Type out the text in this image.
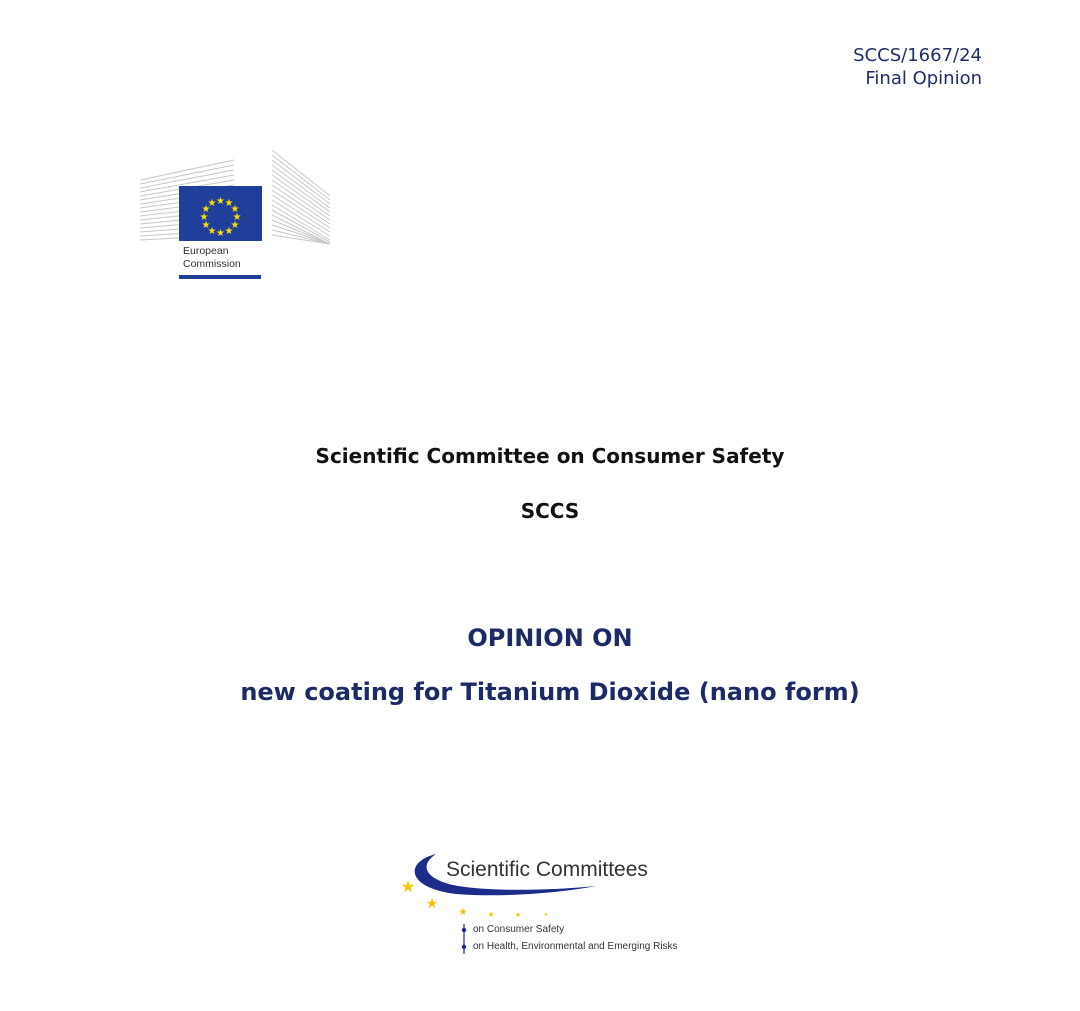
SCCS/1667/24
Final Opinion
★ ★
★
★
★
★
★
★
★
★
★
★
European
Commission
Scientific Committee on Consumer Safety
SCCS
OPINION ON
new coating for Titanium Dioxide (nano form)
★
★
★ ★	★	★
Scientific Committees
on Consumer Safety
on Health, Environmental and Emerging Risks
